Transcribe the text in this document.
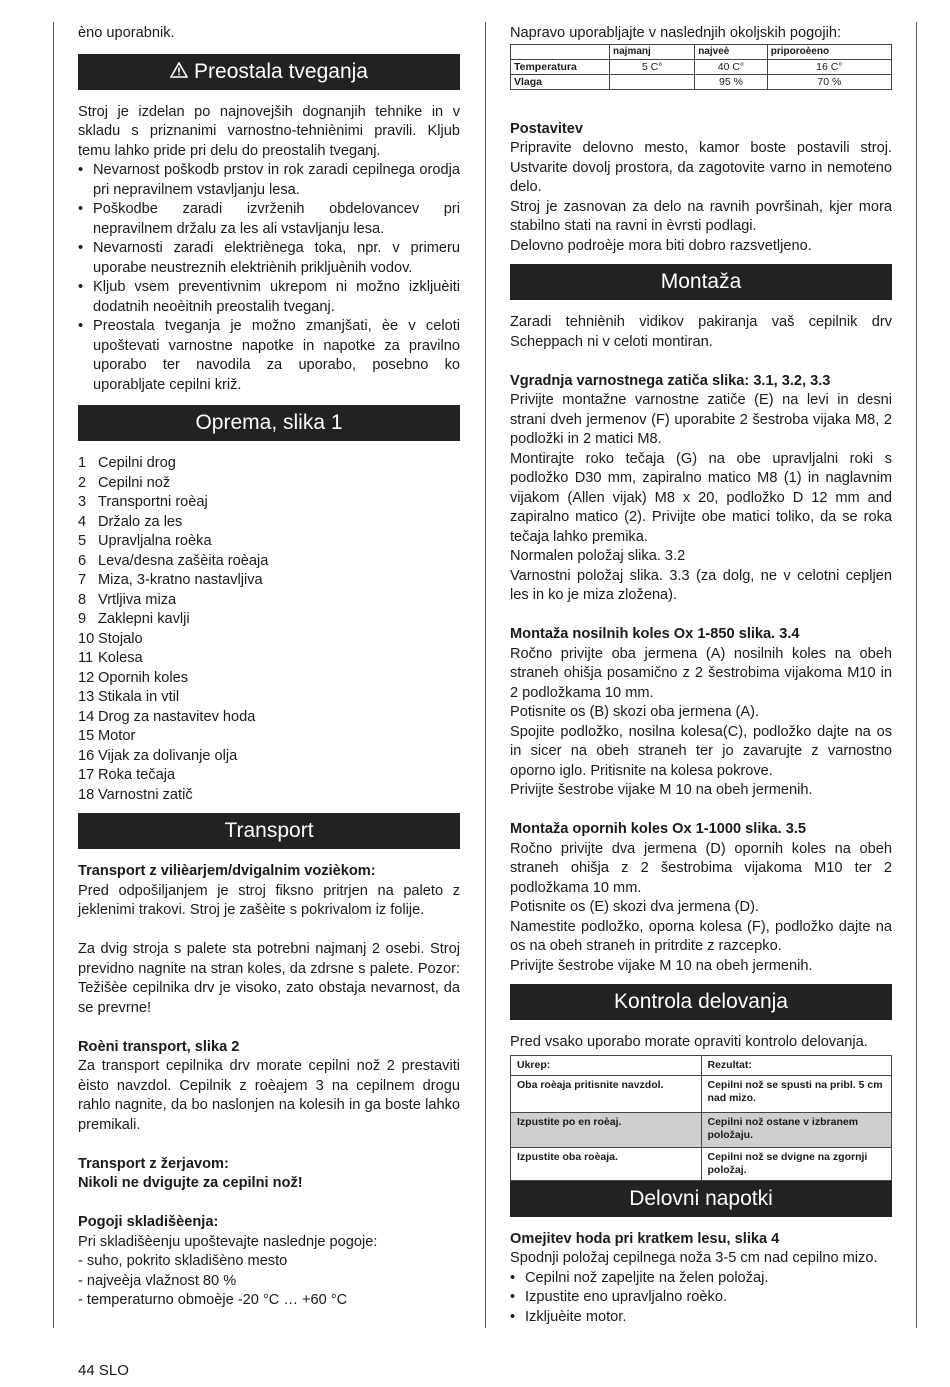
èno uporabnik.

Preostala tveganja

Stroj je izdelan po najnovejših dognanjih tehnike in v skladu s priznanimi varnostno-tehniènimi pravili. Kljub temu lahko pride pri delu do preostalih tveganj.

• Nevarnost poškodb prstov in rok zaradi cepilnega orodja pri nepravilnem vstavljanju lesa.
• Poškodbe zaradi izvrženih obdelovancev pri nepravilnem držalu za les ali vstavljanju lesa.
• Nevarnosti zaradi elektriènega toka, npr. v primeru uporabe neustreznih elektriènih prikljuènih vodov.
• Kljub vsem preventivnim ukrepom ni možno izkljuèiti dodatnih neoèitnih preostalih tveganj.
• Preostala tveganja je možno zmanjšati, èe v celoti upoštevati varnostne napotke in napotke za pravilno uporabo ter navodila za uporabo, posebno ko uporabljate cepilni križ.
Oprema, slika 1
1 Cepilni drog
2 Cepilni nož
3 Transportni roèaj
4 Držalo za les
5 Upravljalna roèka
6 Leva/desna zašèita roèaja
7 Miza, 3-kratno nastavljiva
8 Vrtljiva miza
9 Zaklepni kavlji
10 Stojalo
11 Kolesa
12 Opornih koles
13 Stikala in vtil
14 Drog za nastavitev hoda
15 Motor
16 Vijak za dolivanje olja
17 Roka tečaja
18 Varnostni zatič
Transport

Transport z vilièarjem/dvigalnim vozièkom:

Pred odpošiljanjem je stroj fiksno pritrjen na paleto z jeklenimi trakovi. Stroj je zašèite s pokrivalom iz folije.

Za dvig stroja s palete sta potrebni najmanj 2 osebi. Stroj previdno nagnite na stran koles, da zdrsne s palete. Pozor: Težišèe cepilnika drv je visoko, zato obstaja nevarnost, da se prevrne!

Roèni transport, slika 2

Za transport cepilnika drv morate cepilni nož 2 prestaviti èisto navzdol. Cepilnik z roèajem 3 na cepilnem drogu rahlo nagnite, da bo naslonjen na kolesih in ga boste lahko premikali.

Transport z žerjavom:

Nikoli ne dvigujte za cepilni nož!

Pogoji skladišèenja:

Pri skladišèenju upoštevajte naslednje pogoje:

- suho, pokrito skladišèno mesto

- najveèja vlažnost 80 %

- temperaturno obmoèje -20 °C … +60 °C

Napravo uporabljajte v naslednjih okoljskih pogojih:

	najmanj	najveè	priporoèeno
Temperatura	5 C°	40 C°	16 C°
Vlaga		95 %	70 %

Postavitev

Pripravite delovno mesto, kamor boste postavili stroj. Ustvarite dovolj prostora, da zagotovite varno in nemoteno delo.

Stroj je zasnovan za delo na ravnih površinah, kjer mora stabilno stati na ravni in èvrsti podlagi.

Delovno podroèje mora biti dobro razsvetljeno.

Montaža

Zaradi tehniènih vidikov pakiranja vaš cepilnik drv Scheppach ni v celoti montiran.

Vgradnja varnostnega zatiča slika: 3.1, 3.2, 3.3

Privijte montažne varnostne zatiče (E) na levi in desni strani dveh jermenov (F) uporabite 2 šestroba vijaka M8, 2 podložki in 2 matici M8.

Montirajte roko tečaja (G) na obe upravljalni roki s podložko D30 mm, zapiralno matico M8 (1) in naglavnim vijakom (Allen vijak) M8 x 20, podložko D 12 mm and zapiralno matico (2). Privijte obe matici toliko, da se roka tečaja lahko premika.

Normalen položaj slika. 3.2

Varnostni položaj slika. 3.3 (za dolg, ne v celotni cepljen les in ko je miza zložena).

Montaža nosilnih koles Ox 1-850 slika. 3.4

Ročno privijte oba jermena (A) nosilnih koles na obeh straneh ohišja posamično z 2 šestrobima vijakoma M10 in 2 podložkama 10 mm.

Potisnite os (B) skozi oba jermena (A).

Spojite podložko, nosilna kolesa(C), podložko dajte na os in sicer na obeh straneh ter jo zavarujte z varnostno oporno iglo. Pritisnite na kolesa pokrove.

Privijte šestrobe vijake M 10 na obeh jermenih.

Montaža opornih koles Ox 1-1000 slika. 3.5

Ročno privijte dva jermena (D) opornih koles na obeh straneh ohišja z 2 šestrobima vijakoma M10 ter 2 podložkama 10 mm.

Potisnite os (E) skozi dva jermena (D).

Namestite podložko, oporna kolesa (F), podložko dajte na os na obeh straneh in pritrdite z razcepko.

Privijte šestrobe vijake M 10 na obeh jermenih.

Kontrola delovanja

Pred vsako uporabo morate opraviti kontrolo delovanja.

Ukrep:	Rezultat:
Oba roèaja pritisnite navzdol.	Cepilni nož se spusti na pribl. 5 cm nad mizo.
Izpustite po en roèaj.	Cepilni nož ostane v izbranem položaju.
Izpustite oba roèaja.	Cepilni nož se dvigne na zgornji položaj.
Delovni napotki

Omejitev hoda pri kratkem lesu, slika 4

Spodnji položaj cepilnega noža 3-5 cm nad cepilno mizo.

• Cepilni nož zapeljite na želen položaj.
• Izpustite eno upravljalno roèko.
• Izkljuèite motor.
44 SLO
